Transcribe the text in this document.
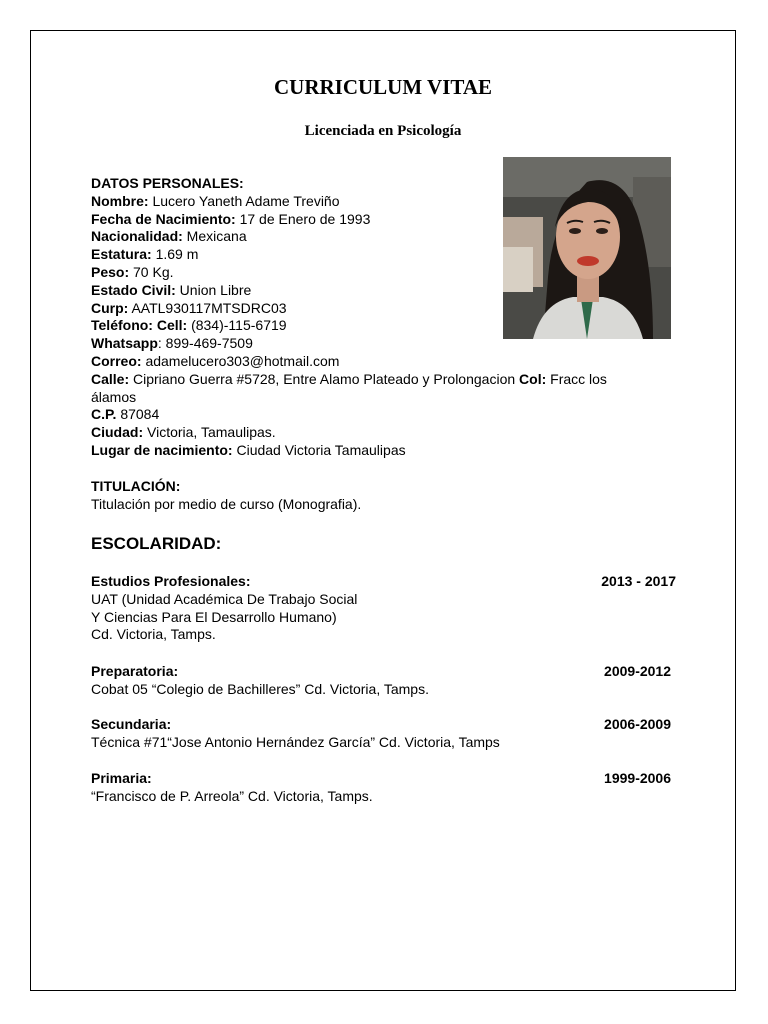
CURRICULUM VITAE
Licenciada en Psicología
DATOS PERSONALES:
Nombre: Lucero Yaneth Adame Treviño
Fecha de Nacimiento: 17 de Enero de 1993
Nacionalidad: Mexicana
Estatura: 1.69 m
Peso: 70 Kg.
Estado Civil: Union Libre
Curp: AATL930117MTSDRC03
Teléfono: Cell: (834)-115-6719
Whatsapp: 899-469-7509
Correo: adamelucero303@hotmail.com
Calle: Cipriano Guerra #5728, Entre Alamo Plateado y Prolongacion Col: Fracc los álamos
C.P. 87084
Ciudad: Victoria, Tamaulipas.
Lugar de nacimiento: Ciudad Victoria Tamaulipas
TITULACIÓN:
Titulación por medio de curso (Monografia).
ESCOLARIDAD:
Estudios Profesionales:	2013 - 2017
UAT (Unidad Académica De Trabajo Social
Y Ciencias Para El Desarrollo Humano)
Cd. Victoria, Tamps.
Preparatoria:	2009-2012
Cobat 05 “Colegio de Bachilleres” Cd. Victoria, Tamps.
Secundaria:	2006-2009
Técnica #71“Jose Antonio Hernández García” Cd. Victoria, Tamps
Primaria:	1999-2006
“Francisco de P. Arreola” Cd. Victoria, Tamps.
